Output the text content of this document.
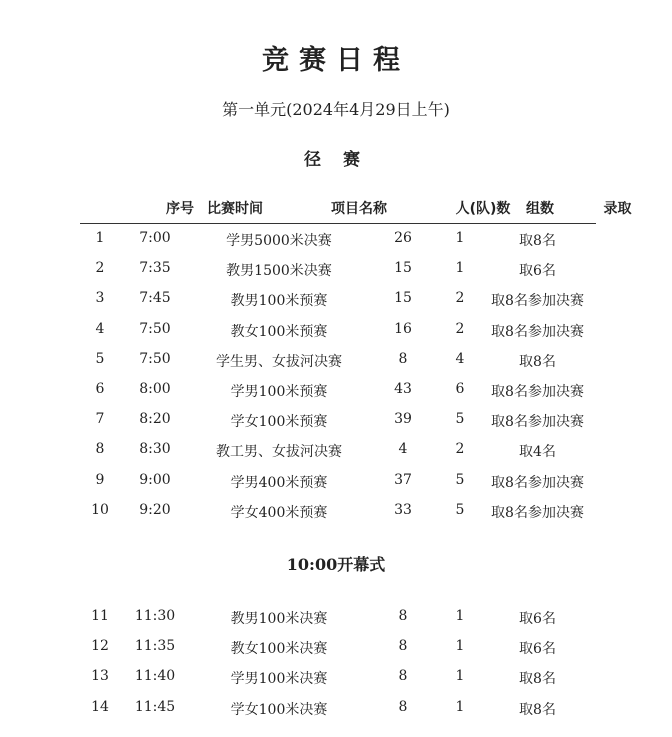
竞赛日程
第一单元(2024年4月29日上午)
径 赛
序号 比赛时间	项目名称	人(队)数	组数	录取
1	7:00	学男5000米决赛	26	1	取8名
2	7:35	教男1500米决赛	15	1	取6名
3	7:45	教男100米预赛	15	2	取8名参加决赛
4	7:50	教女100米预赛	16	2	取8名参加决赛
5	7:50	学生男、女拔河决赛	8	4	取8名
6	8:00	学男100米预赛	43	6	取8名参加决赛
7	8:20	学女100米预赛	39	5	取8名参加决赛
8	8:30	教工男、女拔河决赛	4	2	取4名
9	9:00	学男400米预赛	37	5	取8名参加决赛
10	9:20	学女400米预赛	33	5	取8名参加决赛
10:00开幕式
11	11:30	教男100米决赛	8	1	取6名
12	11:35	教女100米决赛	8	1	取6名
13	11:40	学男100米决赛	8	1	取8名
14	11:45	学女100米决赛	8	1	取8名
